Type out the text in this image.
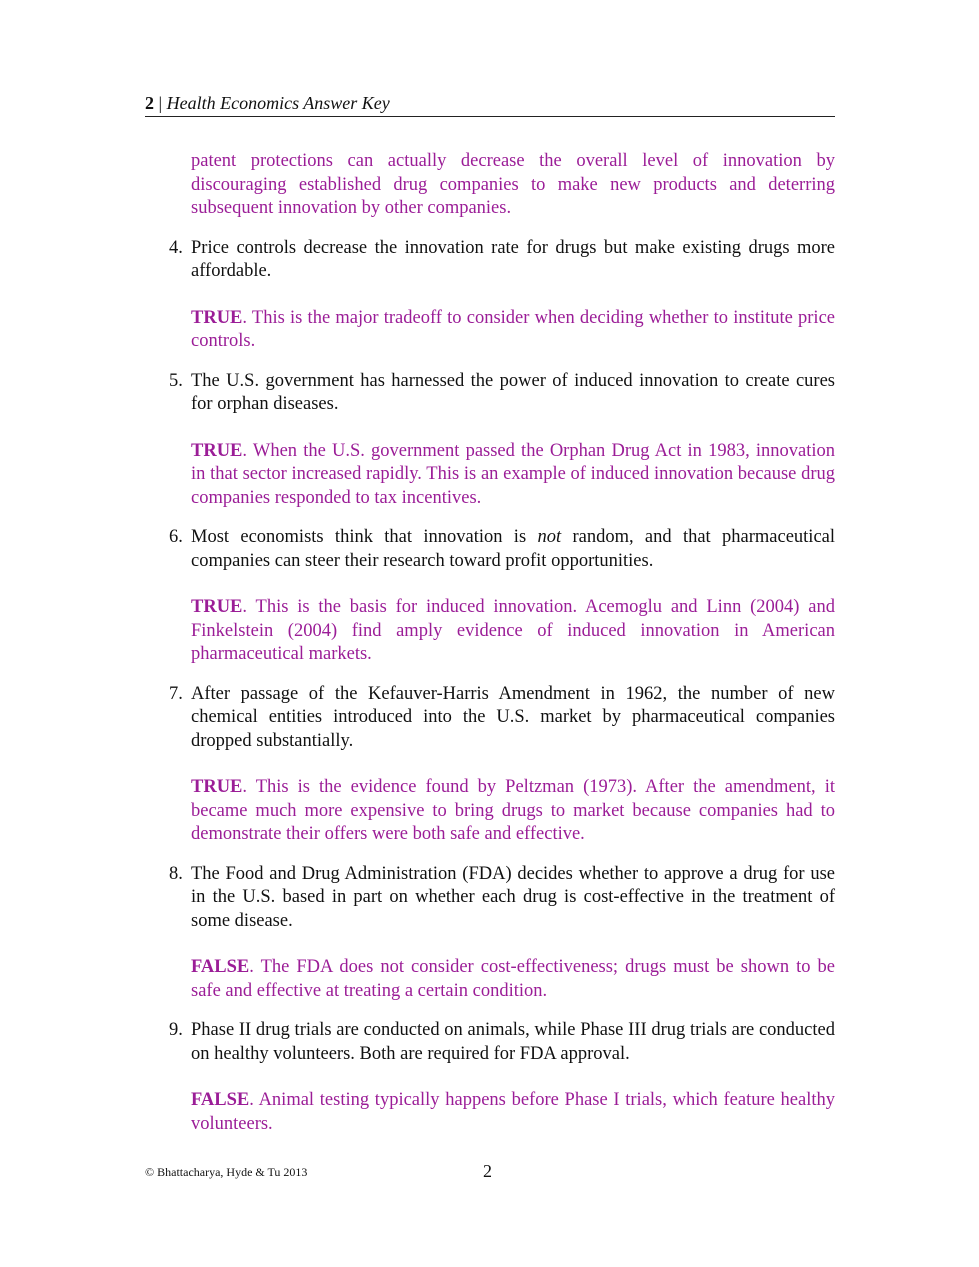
2 | Health Economics Answer Key
patent protections can actually decrease the overall level of innovation by discouraging established drug companies to make new products and deterring subsequent innovation by other companies.
4. Price controls decrease the innovation rate for drugs but make existing drugs more affordable.
TRUE. This is the major tradeoff to consider when deciding whether to institute price controls.
5. The U.S. government has harnessed the power of induced innovation to create cures for orphan diseases.
TRUE. When the U.S. government passed the Orphan Drug Act in 1983, innovation in that sector increased rapidly. This is an example of induced innovation because drug companies responded to tax incentives.
6. Most economists think that innovation is not random, and that pharmaceutical companies can steer their research toward profit opportunities.
TRUE. This is the basis for induced innovation. Acemoglu and Linn (2004) and Finkelstein (2004) find amply evidence of induced innovation in American pharmaceutical markets.
7. After passage of the Kefauver-Harris Amendment in 1962, the number of new chemical entities introduced into the U.S. market by pharmaceutical companies dropped substantially.
TRUE. This is the evidence found by Peltzman (1973). After the amendment, it became much more expensive to bring drugs to market because companies had to demonstrate their offers were both safe and effective.
8. The Food and Drug Administration (FDA) decides whether to approve a drug for use in the U.S. based in part on whether each drug is cost-effective in the treatment of some disease.
FALSE. The FDA does not consider cost-effectiveness; drugs must be shown to be safe and effective at treating a certain condition.
9. Phase II drug trials are conducted on animals, while Phase III drug trials are conducted on healthy volunteers. Both are required for FDA approval.
FALSE. Animal testing typically happens before Phase I trials, which feature healthy volunteers.
© Bhattacharya, Hyde & Tu 2013	2
